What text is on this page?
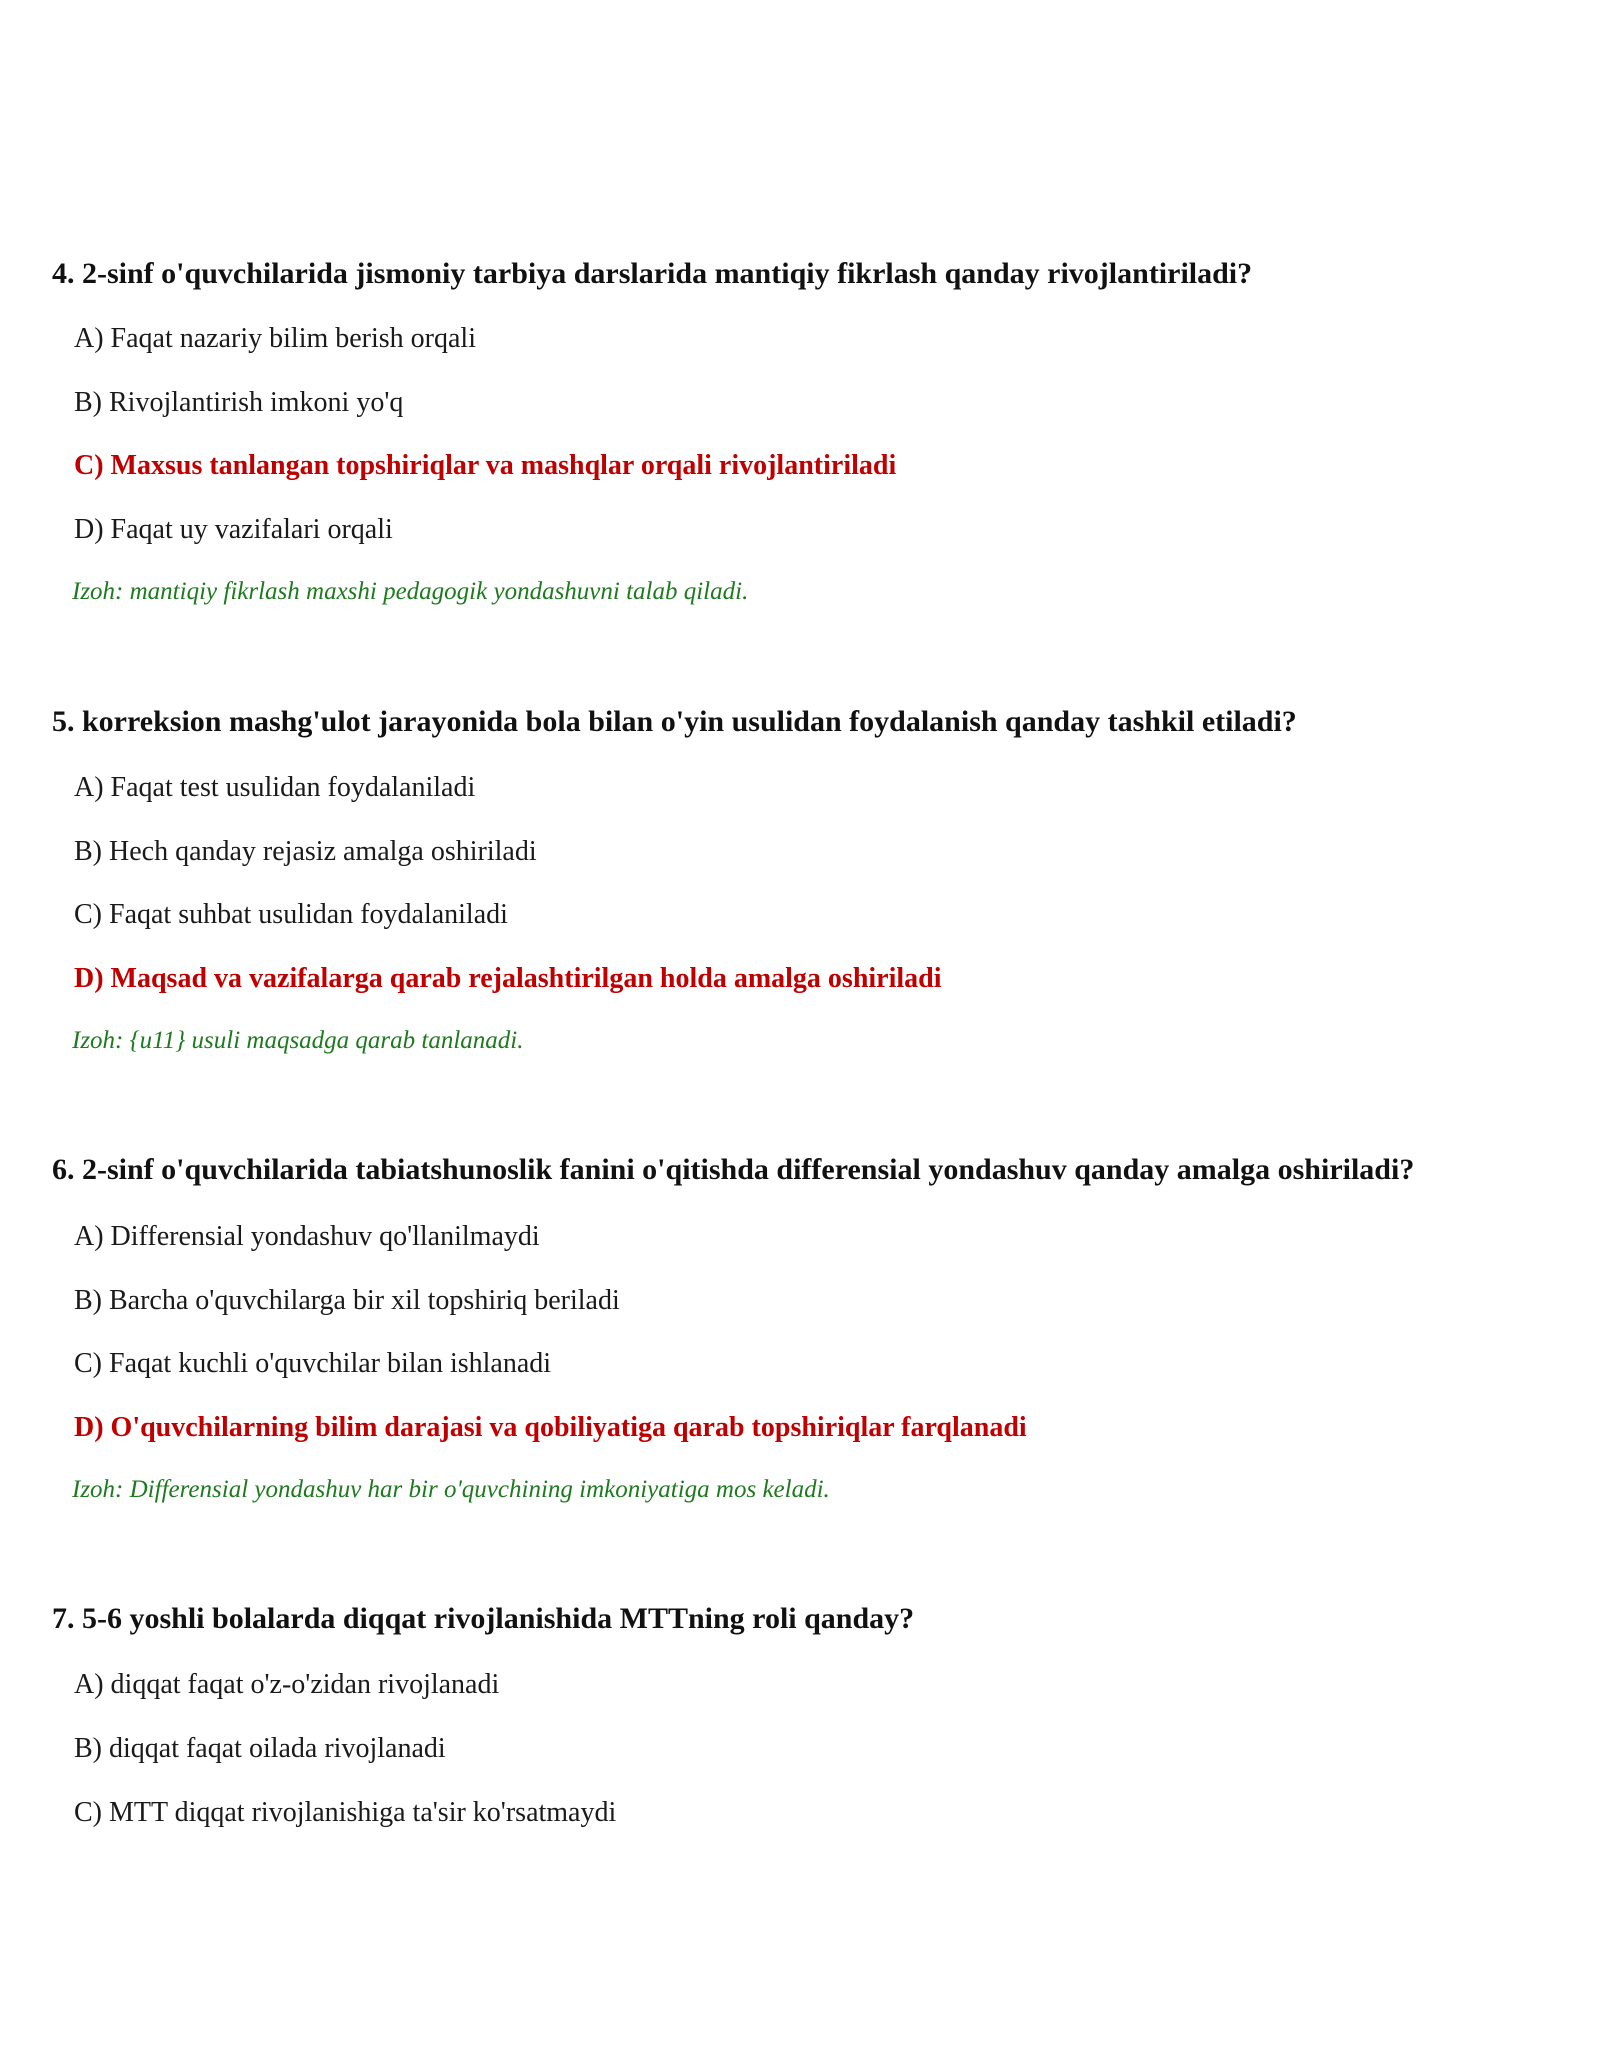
4. 2-sinf o'quvchilarida jismoniy tarbiya darslarida mantiqiy fikrlash qanday rivojlantiriladi?
A) Faqat nazariy bilim berish orqali
B) Rivojlantirish imkoni yo'q
C) Maxsus tanlangan topshiriqlar va mashqlar orqali rivojlantiriladi
D) Faqat uy vazifalari orqali
Izoh: mantiqiy fikrlash maxshi pedagogik yondashuvni talab qiladi.
5. korreksion mashg'ulot jarayonida bola bilan o'yin usulidan foydalanish qanday tashkil etiladi?
A) Faqat test usulidan foydalaniladi
B) Hech qanday rejasiz amalga oshiriladi
C) Faqat suhbat usulidan foydalaniladi
D) Maqsad va vazifalarga qarab rejalashtirilgan holda amalga oshiriladi
Izoh: {u11} usuli maqsadga qarab tanlanadi.
6. 2-sinf o'quvchilarida tabiatshunoslik fanini o'qitishda differensial yondashuv qanday amalga oshiriladi?
A) Differensial yondashuv qo'llanilmaydi
B) Barcha o'quvchilarga bir xil topshiriq beriladi
C) Faqat kuchli o'quvchilar bilan ishlanadi
D) O'quvchilarning bilim darajasi va qobiliyatiga qarab topshiriqlar farqlanadi
Izoh: Differensial yondashuv har bir o'quvchining imkoniyatiga mos keladi.
7. 5-6 yoshli bolalarda diqqat rivojlanishida MTTning roli qanday?
A) diqqat faqat o'z-o'zidan rivojlanadi
B) diqqat faqat oilada rivojlanadi
C) MTT diqqat rivojlanishiga ta'sir ko'rsatmaydi
